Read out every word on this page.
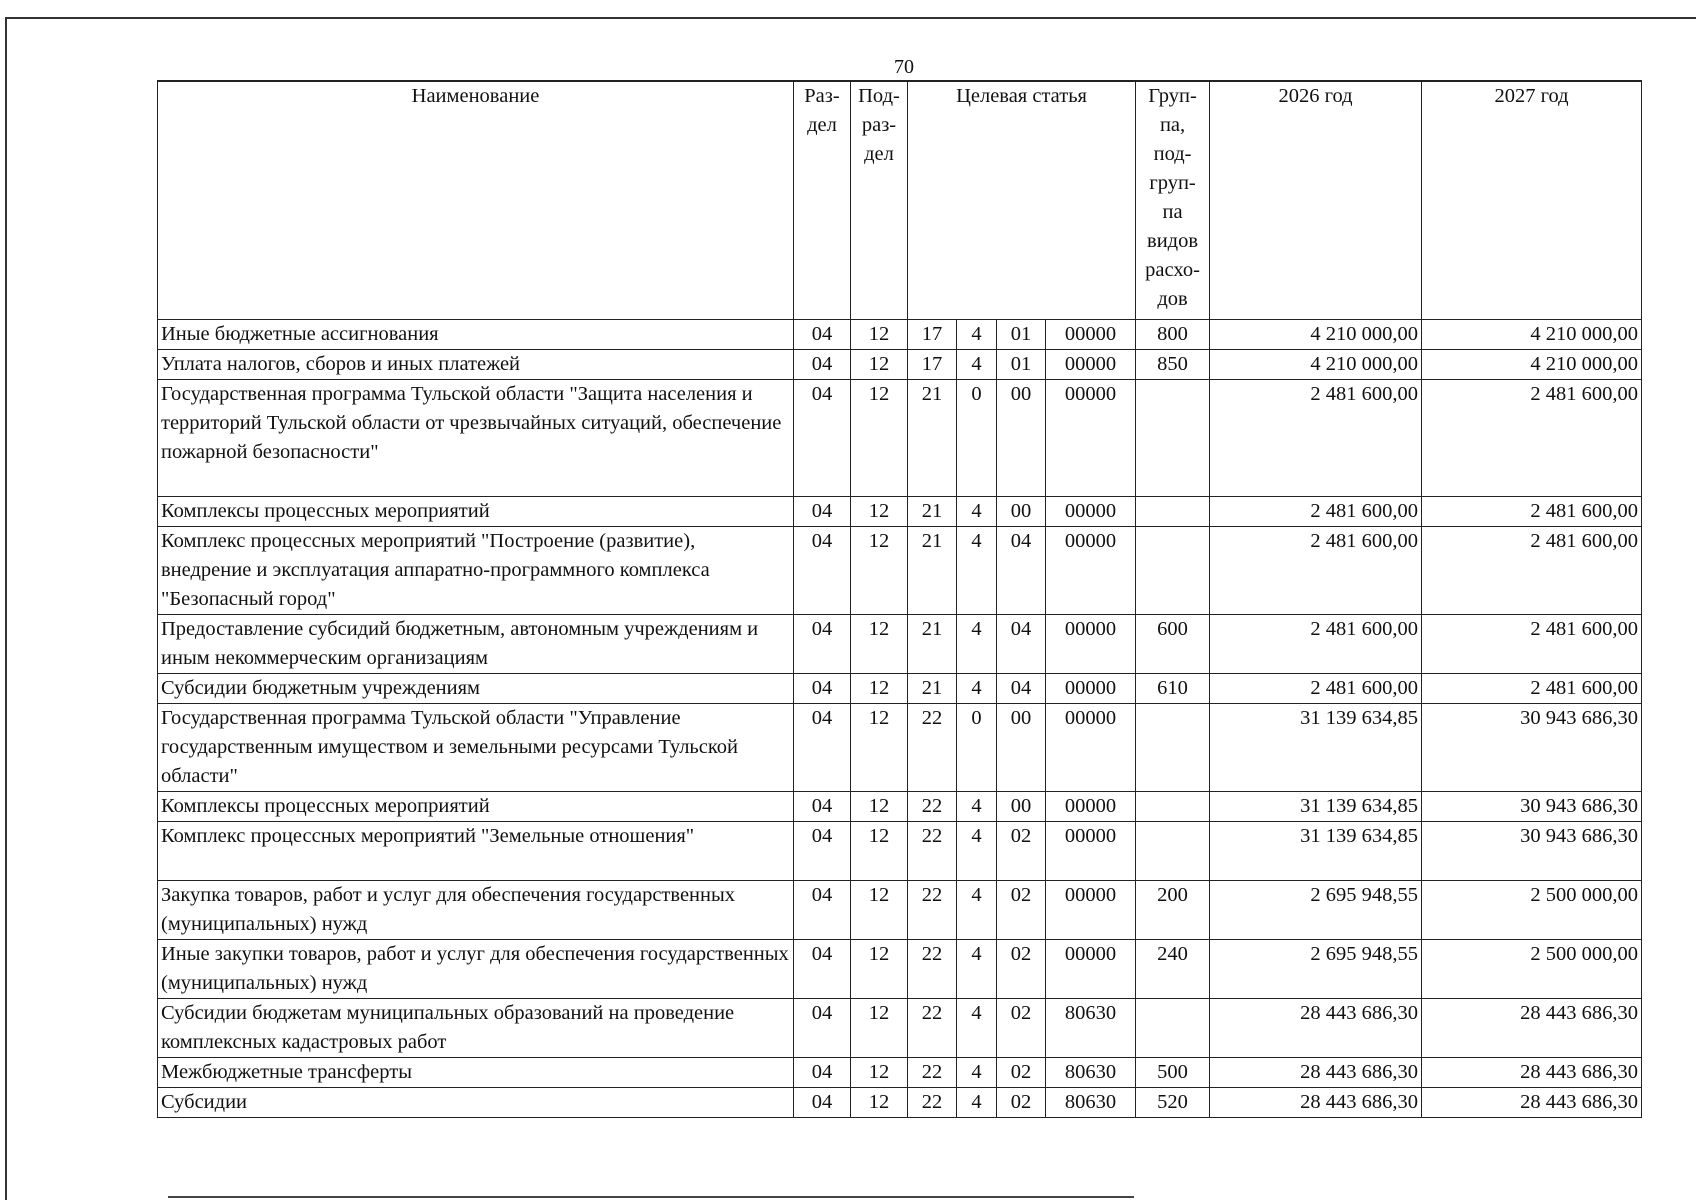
70
Наименование	Раз- дел	Под- раз- дел	Целевая статья				Груп- па, под- груп- па видов расхо- дов	2026 год	2027 год
Иные бюджетные ассигнования	04	12	17	4	01	00000	800	4 210 000,00	4 210 000,00
Уплата налогов, сборов и иных платежей	04	12	17	4	01	00000	850	4 210 000,00	4 210 000,00
Государственная программа Тульской области "Защита населения и территорий Тульской области от чрезвычайных ситуаций, обеспечение пожарной безопасности"	04	12	21	0	00	00000		2 481 600,00	2 481 600,00
Комплексы процессных мероприятий	04	12	21	4	00	00000		2 481 600,00	2 481 600,00
Комплекс процессных мероприятий "Построение (развитие), внедрение и эксплуатация аппаратно-программного комплекса "Безопасный город"	04	12	21	4	04	00000		2 481 600,00	2 481 600,00
Предоставление субсидий бюджетным, автономным учреждениям и иным некоммерческим организациям	04	12	21	4	04	00000	600	2 481 600,00	2 481 600,00
Субсидии бюджетным учреждениям	04	12	21	4	04	00000	610	2 481 600,00	2 481 600,00
Государственная программа Тульской области "Управление государственным имуществом и земельными ресурсами Тульской области"	04	12	22	0	00	00000		31 139 634,85	30 943 686,30
Комплексы процессных мероприятий	04	12	22	4	00	00000		31 139 634,85	30 943 686,30
Комплекс процессных мероприятий "Земельные отношения"	04	12	22	4	02	00000		31 139 634,85	30 943 686,30
Закупка товаров, работ и услуг для обеспечения государственных (муниципальных) нужд	04	12	22	4	02	00000	200	2 695 948,55	2 500 000,00
Иные закупки товаров, работ и услуг для обеспечения государственных (муниципальных) нужд	04	12	22	4	02	00000	240	2 695 948,55	2 500 000,00
Субсидии бюджетам муниципальных образований на проведение комплексных кадастровых работ	04	12	22	4	02	80630		28 443 686,30	28 443 686,30
Межбюджетные трансферты	04	12	22	4	02	80630	500	28 443 686,30	28 443 686,30
Субсидии	04	12	22	4	02	80630	520	28 443 686,30	28 443 686,30
